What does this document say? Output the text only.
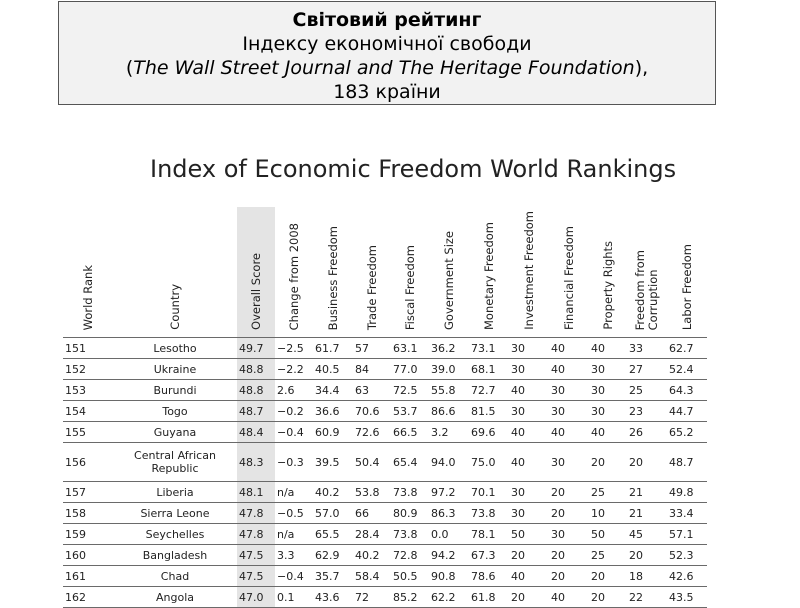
Світовий рейтинг
Індексу економічної свободи
(The Wall Street Journal and The Heritage Foundation),
183 країни
Index of Economic Freedom World Rankings
World Rank	Country	Overall Score	Change from 2008	Business Freedom	Trade Freedom	Fiscal Freedom	Government Size	Monetary Freedom	Investment Freedom	Financial Freedom	Property Rights	Freedom from
Corruption	Labor Freedom
151	Lesotho	49.7	−2.5	61.7	57	63.1	36.2	73.1	30	40	40	33	62.7
152	Ukraine	48.8	−2.2	40.5	84	77.0	39.0	68.1	30	40	30	27	52.4
153	Burundi	48.8	2.6	34.4	63	72.5	55.8	72.7	40	30	30	25	64.3
154	Togo	48.7	−0.2	36.6	70.6	53.7	86.6	81.5	30	30	30	23	44.7
155	Guyana	48.4	−0.4	60.9	72.6	66.5	3.2	69.6	40	40	40	26	65.2
156	Central African
Republic	48.3	−0.3	39.5	50.4	65.4	94.0	75.0	40	30	20	20	48.7
157	Liberia	48.1	n/a	40.2	53.8	73.8	97.2	70.1	30	20	25	21	49.8
158	Sierra Leone	47.8	−0.5	57.0	66	80.9	86.3	73.8	30	20	10	21	33.4
159	Seychelles	47.8	n/a	65.5	28.4	73.8	0.0	78.1	50	30	50	45	57.1
160	Bangladesh	47.5	3.3	62.9	40.2	72.8	94.2	67.3	20	20	25	20	52.3
161	Chad	47.5	−0.4	35.7	58.4	50.5	90.8	78.6	40	20	20	18	42.6
162	Angola	47.0	0.1	43.6	72	85.2	62.2	61.8	20	40	20	22	43.5
